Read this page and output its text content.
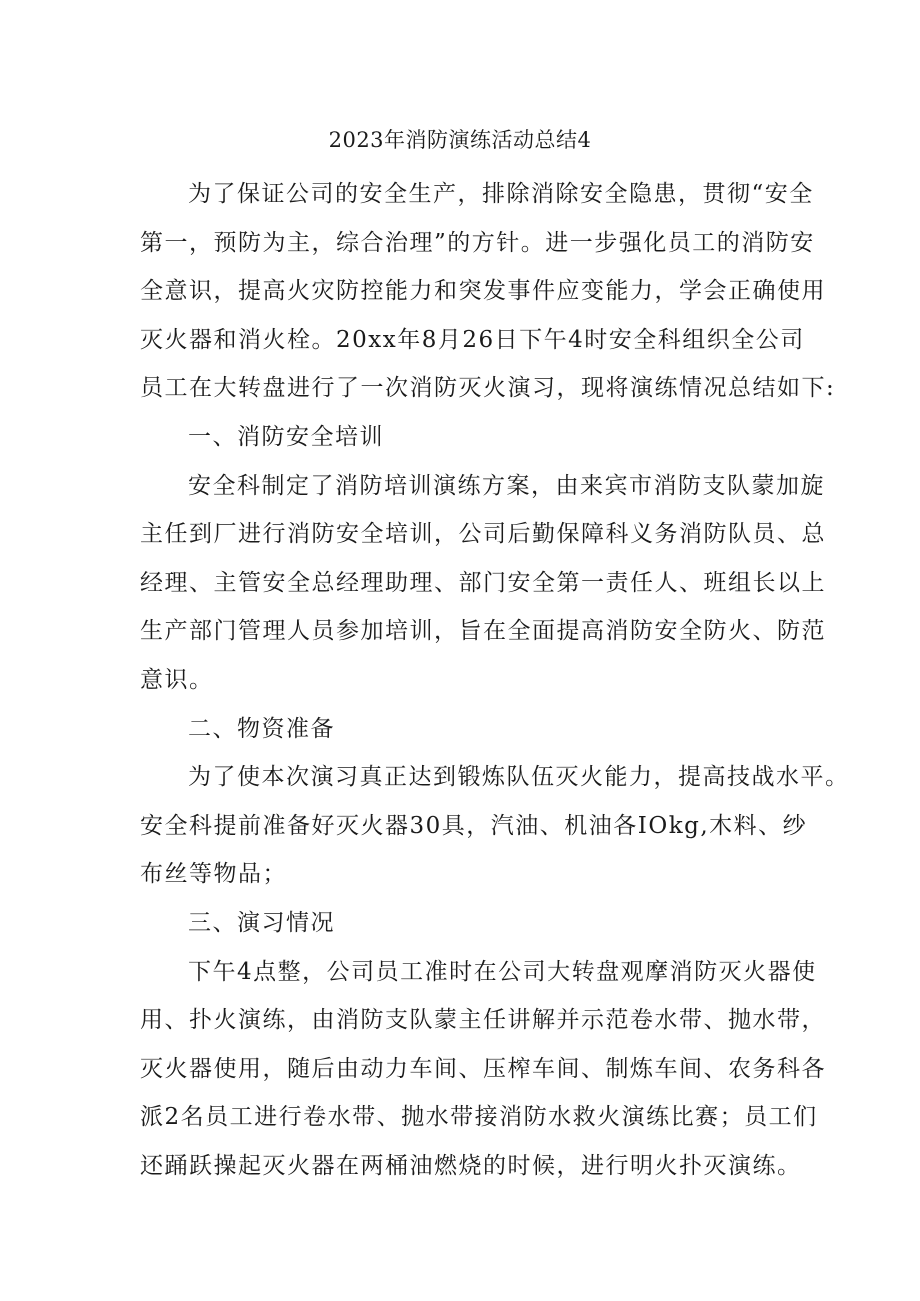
2023年消防演练活动总结4
为了保证公司的安全生产，排除消除安全隐患，贯彻“安全
第一，预防为主，综合治理”的方针。进一步强化员工的消防安
全意识，提高火灾防控能力和突发事件应变能力，学会正确使用
灭火器和消火栓。20xx年8月26日下午4时安全科组织全公司
员工在大转盘进行了一次消防灭火演习，现将演练情况总结如下:
一、消防安全培训
安全科制定了消防培训演练方案，由来宾市消防支队蒙加旋
主任到厂进行消防安全培训，公司后勤保障科义务消防队员、总
经理、主管安全总经理助理、部门安全第一责任人、班组长以上
生产部门管理人员参加培训，旨在全面提高消防安全防火、防范
意识。
二、物资准备
为了使本次演习真正达到锻炼队伍灭火能力，提高技战水平。
安全科提前准备好灭火器30具，汽油、机油各IOkg,木料、纱
布丝等物品；
三、演习情况
下午4点整，公司员工准时在公司大转盘观摩消防灭火器使
用、扑火演练，由消防支队蒙主任讲解并示范卷水带、抛水带，
灭火器使用，随后由动力车间、压榨车间、制炼车间、农务科各
派2名员工进行卷水带、抛水带接消防水救火演练比赛；员工们
还踊跃操起灭火器在两桶油燃烧的时候，进行明火扑灭演练。
